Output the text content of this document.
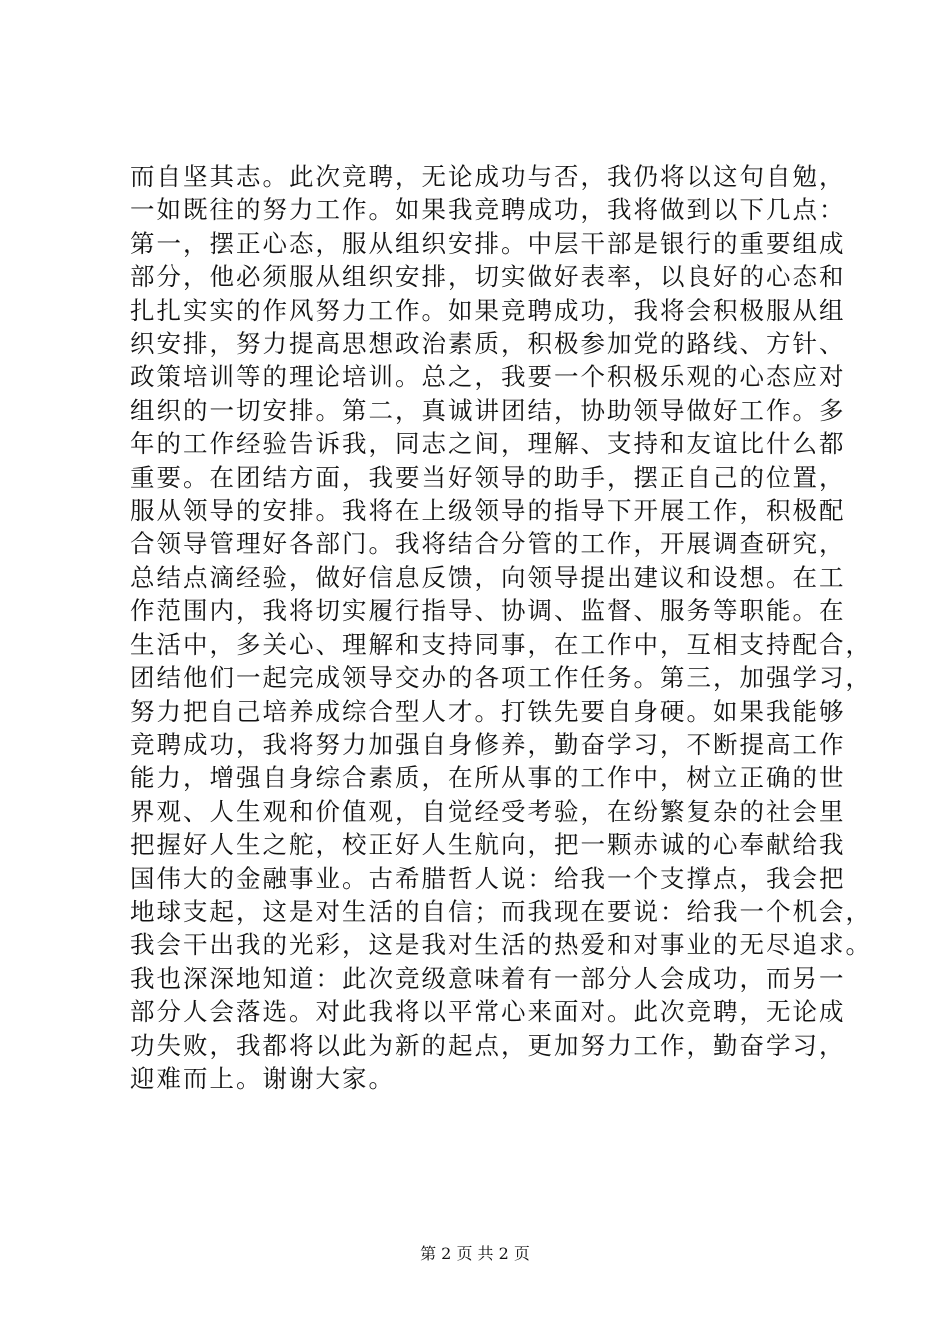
而自坚其志。此次竞聘，无论成功与否，我仍将以这句自勉，
一如既往的努力工作。如果我竞聘成功，我将做到以下几点：
第一，摆正心态，服从组织安排。中层干部是银行的重要组成
部分，他必须服从组织安排，切实做好表率，以良好的心态和
扎扎实实的作风努力工作。如果竞聘成功，我将会积极服从组
织安排，努力提高思想政治素质，积极参加党的路线、方针、
政策培训等的理论培训。总之，我要一个积极乐观的心态应对
组织的一切安排。第二，真诚讲团结，协助领导做好工作。多
年的工作经验告诉我，同志之间，理解、支持和友谊比什么都
重要。在团结方面，我要当好领导的助手，摆正自己的位置，
服从领导的安排。我将在上级领导的指导下开展工作，积极配
合领导管理好各部门。我将结合分管的工作，开展调查研究，
总结点滴经验，做好信息反馈，向领导提出建议和设想。在工
作范围内，我将切实履行指导、协调、监督、服务等职能。在
生活中，多关心、理解和支持同事，在工作中，互相支持配合，
团结他们一起完成领导交办的各项工作任务。第三，加强学习，
努力把自己培养成综合型人才。打铁先要自身硬。如果我能够
竞聘成功，我将努力加强自身修养，勤奋学习，不断提高工作
能力，增强自身综合素质，在所从事的工作中，树立正确的世
界观、人生观和价值观，自觉经受考验，在纷繁复杂的社会里
把握好人生之舵，校正好人生航向，把一颗赤诚的心奉献给我
国伟大的金融事业。古希腊哲人说：给我一个支撑点，我会把
地球支起，这是对生活的自信；而我现在要说：给我一个机会，
我会干出我的光彩，这是我对生活的热爱和对事业的无尽追求。
我也深深地知道：此次竞级意味着有一部分人会成功，而另一
部分人会落选。对此我将以平常心来面对。此次竞聘，无论成
功失败，我都将以此为新的起点，更加努力工作，勤奋学习，
迎难而上。谢谢大家。
第 2 页 共 2 页
